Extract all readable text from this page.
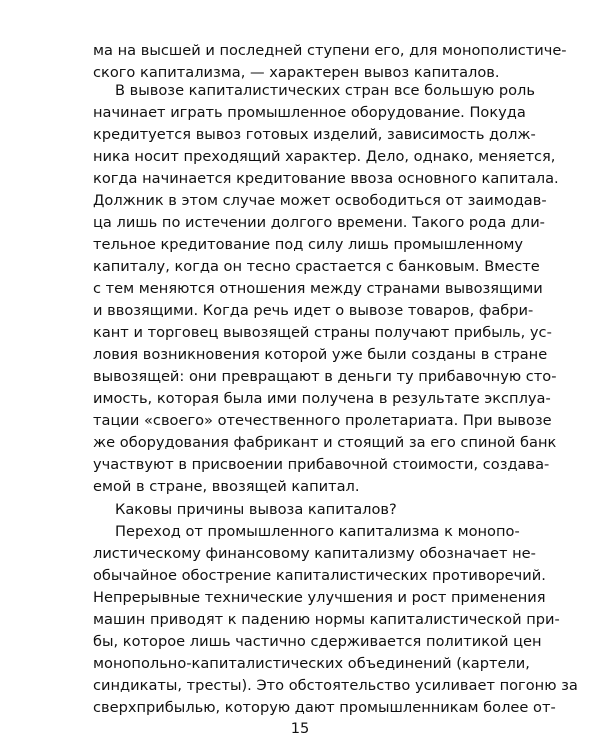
ма на высшей и последней ступени его, для монополистиче-
ского капитализма, — характерен вывоз капиталов.
В вывозе капиталистических стран все большую роль
начинает играть промышленное оборудование. Покуда
кредитуется вывоз готовых изделий, зависимость долж-
ника носит преходящий характер. Дело, однако, меняется,
когда начинается кредитование ввоза основного капитала.
Должник в этом случае может освободиться от заимодав-
ца лишь по истечении долгого времени. Такого рода дли-
тельное кредитование под силу лишь промышленному
капиталу, когда он тесно срастается с банковым. Вместе
с тем меняются отношения между странами вывозящими
и ввозящими. Когда речь идет о вывозе товаров, фабри-
кант и торговец вывозящей страны получают прибыль, ус-
ловия возникновения которой уже были созданы в стране
вывозящей: они превращают в деньги ту прибавочную сто-
имость, которая была ими получена в результате эксплуа-
тации «своего» отечественного пролетариата. При вывозе
же оборудования фабрикант и стоящий за его спиной банк
участвуют в присвоении прибавочной стоимости, создава-
емой в стране, ввозящей капитал.
Каковы причины вывоза капиталов?
Переход от промышленного капитализма к монопо-
листическому финансовому капитализму обозначает не-
обычайное обострение капиталистических противоречий.
Непрерывные технические улучшения и рост применения
машин приводят к падению нормы капиталистической при-
бы, которое лишь частично сдерживается политикой цен
монопольно-капиталистических объединений (картели,
синдикаты, тресты). Это обстоятельство усиливает погоню за
сверхприбылью, которую дают промышленникам более от-
15
